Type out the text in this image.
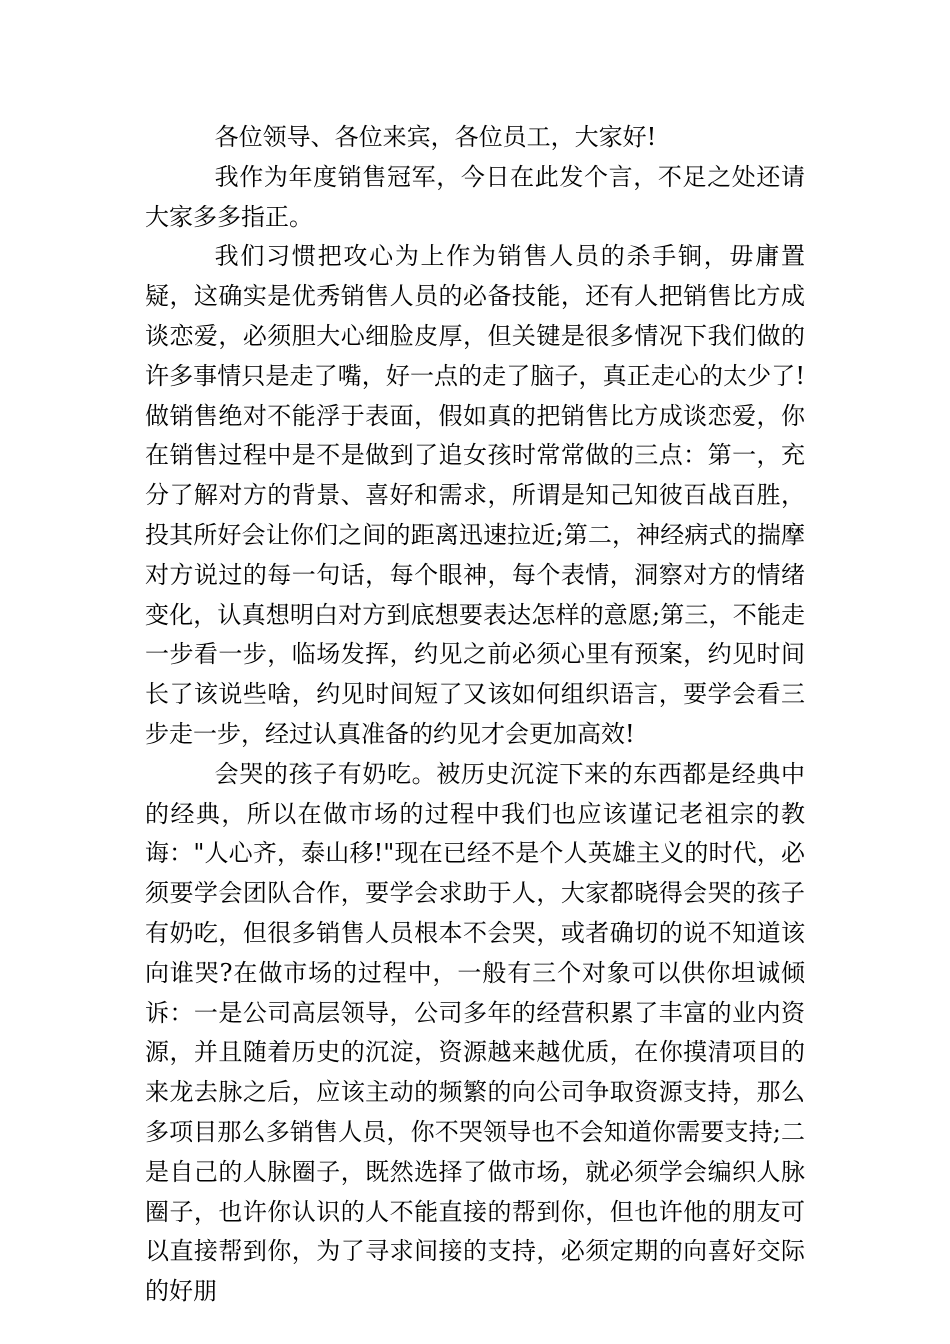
各位领导、各位来宾，各位员工，大家好!

我作为年度销售冠军，今日在此发个言，不足之处还请大家多多指正。

我们习惯把攻心为上作为销售人员的杀手锏，毋庸置疑，这确实是优秀销售人员的必备技能，还有人把销售比方成谈恋爱，必须胆大心细脸皮厚，但关键是很多情况下我们做的许多事情只是走了嘴，好一点的走了脑子，真正走心的太少了!做销售绝对不能浮于表面，假如真的把销售比方成谈恋爱，你在销售过程中是不是做到了追女孩时常常做的三点：第一，充分了解对方的背景、喜好和需求，所谓是知己知彼百战百胜，投其所好会让你们之间的距离迅速拉近;第二，神经病式的揣摩对方说过的每一句话，每个眼神，每个表情，洞察对方的情绪变化，认真想明白对方到底想要表达怎样的意愿;第三，不能走一步看一步，临场发挥，约见之前必须心里有预案，约见时间长了该说些啥，约见时间短了又该如何组织语言，要学会看三步走一步，经过认真准备的约见才会更加高效!

会哭的孩子有奶吃。被历史沉淀下来的东西都是经典中的经典，所以在做市场的过程中我们也应该谨记老祖宗的教诲："人心齐，泰山移!"现在已经不是个人英雄主义的时代，必须要学会团队合作，要学会求助于人，大家都晓得会哭的孩子有奶吃，但很多销售人员根本不会哭，或者确切的说不知道该向谁哭?在做市场的过程中，一般有三个对象可以供你坦诚倾诉：一是公司高层领导，公司多年的经营积累了丰富的业内资源，并且随着历史的沉淀，资源越来越优质，在你摸清项目的来龙去脉之后，应该主动的频繁的向公司争取资源支持，那么多项目那么多销售人员，你不哭领导也不会知道你需要支持;二是自己的人脉圈子，既然选择了做市场，就必须学会编织人脉圈子，也许你认识的人不能直接的帮到你，但也许他的朋友可以直接帮到你，为了寻求间接的支持，必须定期的向喜好交际的好朋
